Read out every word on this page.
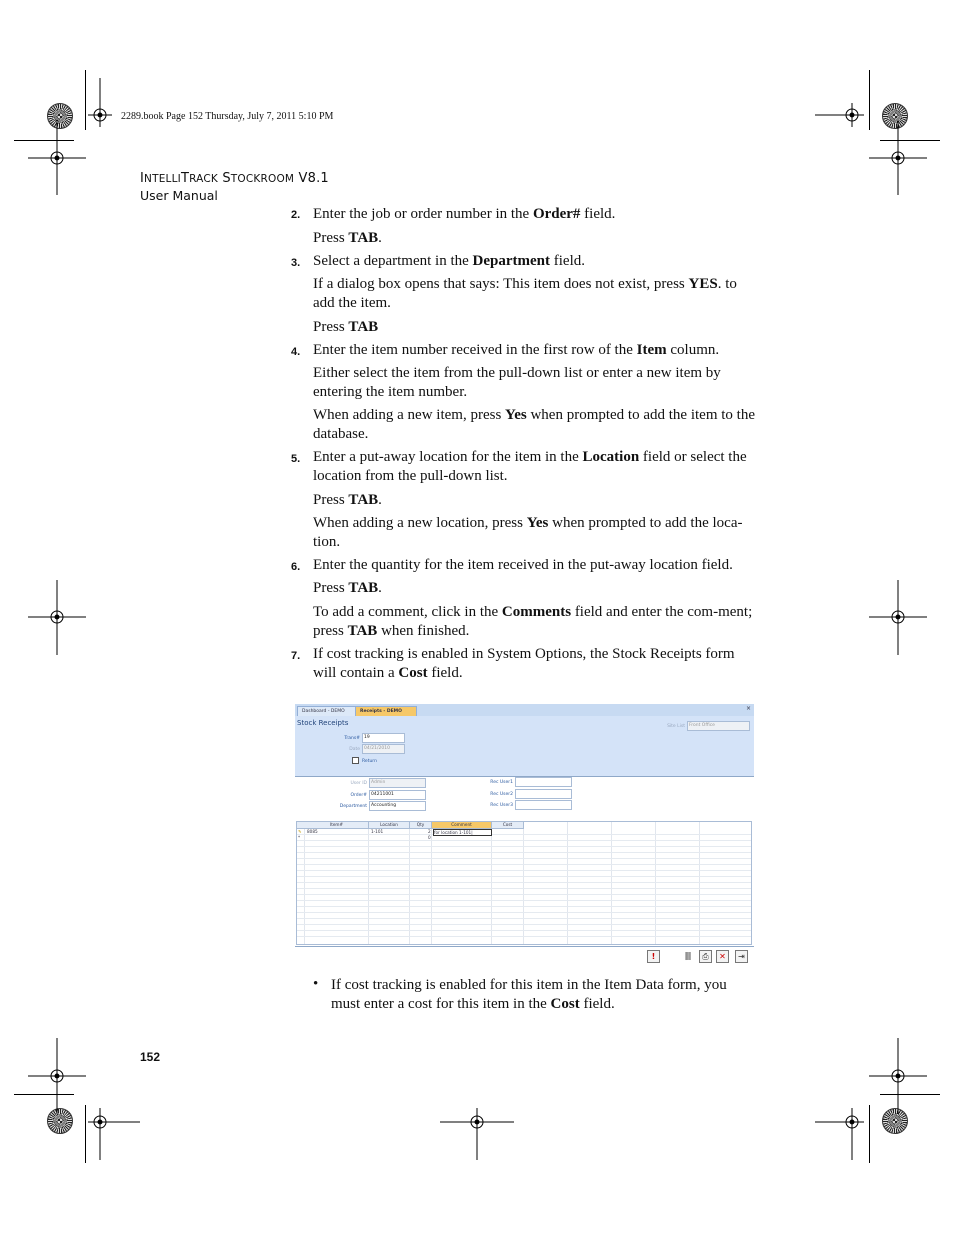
2289.book Page 152 Thursday, July 7, 2011 5:10 PM
INTELLITRACK STOCKROOM V8.1
User Manual
2. Enter the job or order number in the Order# field.
Press TAB.
3. Select a department in the Department field.
If a dialog box opens that says: This item does not exist, press YES. to add the item.
Press TAB
4. Enter the item number received in the first row of the Item column.
Either select the item from the pull-down list or enter a new item by entering the item number.
When adding a new item, press Yes when prompted to add the item to the database.
5. Enter a put-away location for the item in the Location field or select the location from the pull-down list.
Press TAB.
When adding a new location, press Yes when prompted to add the loca-tion.
6. Enter the quantity for the item received in the put-away location field.
Press TAB.
To add a comment, click in the Comments field and enter the com-ment; press TAB when finished.
7. If cost tracking is enabled in System Options, the Stock Receipts form will contain a Cost field.
Dashboard - DEMO	Receipts - DEMO	×
Stock Receipts	Site List Front Office
Trans# 19
Date 04/21/2010
Return
User ID Admin
Order# 04211001
Department Accounting
Rec User1
Rec User2
Rec User3
Item#	Location	Qty	Comment	Cost
✎ 8085	1-101	2 for location 1-101|
*	0
!	|||	⎙	✕	⇥
• If cost tracking is enabled for this item in the Item Data form, you must enter a cost for this item in the Cost field.
152
